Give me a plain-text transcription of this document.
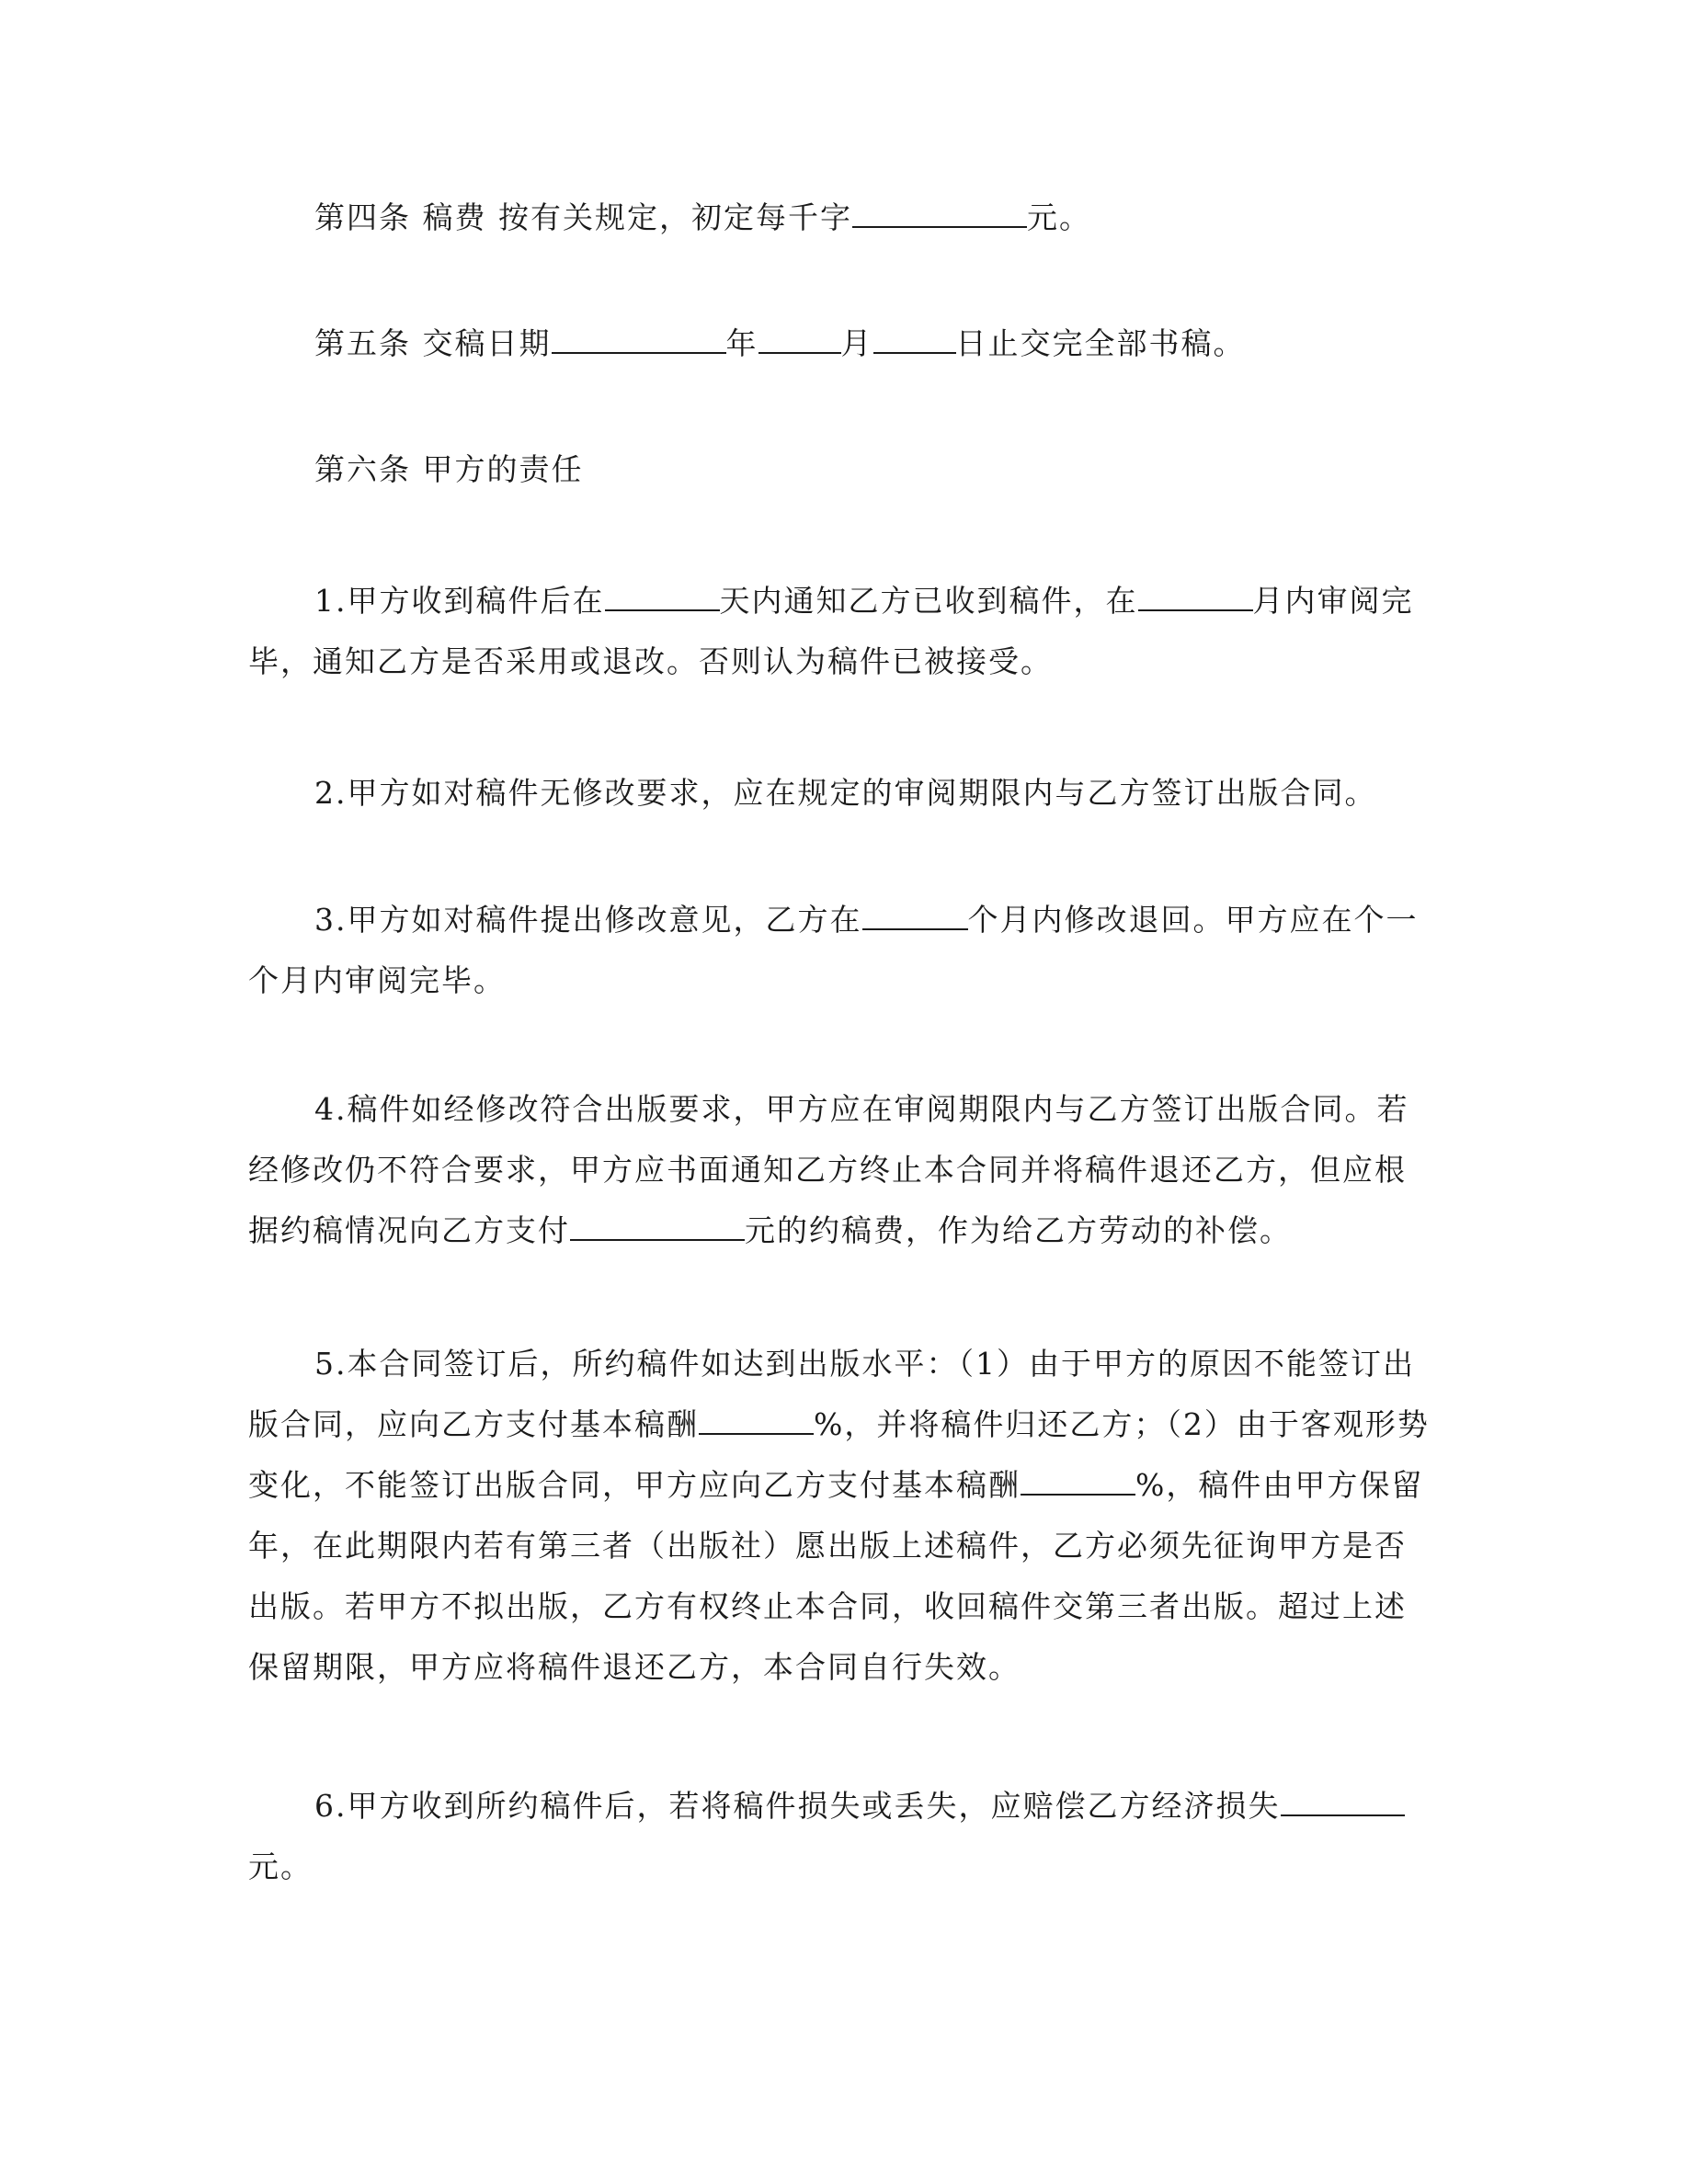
第四条 稿费 按有关规定，初定每千字	元。

第五条 交稿日期	年	月	日止交完全部书稿。

第六条 甲方的责任

1.甲方收到稿件后在	天内通知乙方已收到稿件，在	月内审阅完毕，通知乙方是否采用或退改。否则认为稿件已被接受。

2.甲方如对稿件无修改要求，应在规定的审阅期限内与乙方签订出版合同。

3.甲方如对稿件提出修改意见，乙方在	个月内修改退回。甲方应在个一个月内审阅完毕。

4.稿件如经修改符合出版要求，甲方应在审阅期限内与乙方签订出版合同。若经修改仍不符合要求，甲方应书面通知乙方终止本合同并将稿件退还乙方，但应根据约稿情况向乙方支付	元的约稿费，作为给乙方劳动的补偿。

5.本合同签订后，所约稿件如达到出版水平：（1）由于甲方的原因不能签订出版合同，应向乙方支付基本稿酬	%，并将稿件归还乙方；（2）由于客观形势变化，不能签订出版合同，甲方应向乙方支付基本稿酬	%，稿件由甲方保留年，在此期限内若有第三者（出版社）愿出版上述稿件，乙方必须先征询甲方是否出版。若甲方不拟出版，乙方有权终止本合同，收回稿件交第三者出版。超过上述保留期限，甲方应将稿件退还乙方，本合同自行失效。

6.甲方收到所约稿件后，若将稿件损失或丢失，应赔偿乙方经济损失元。
